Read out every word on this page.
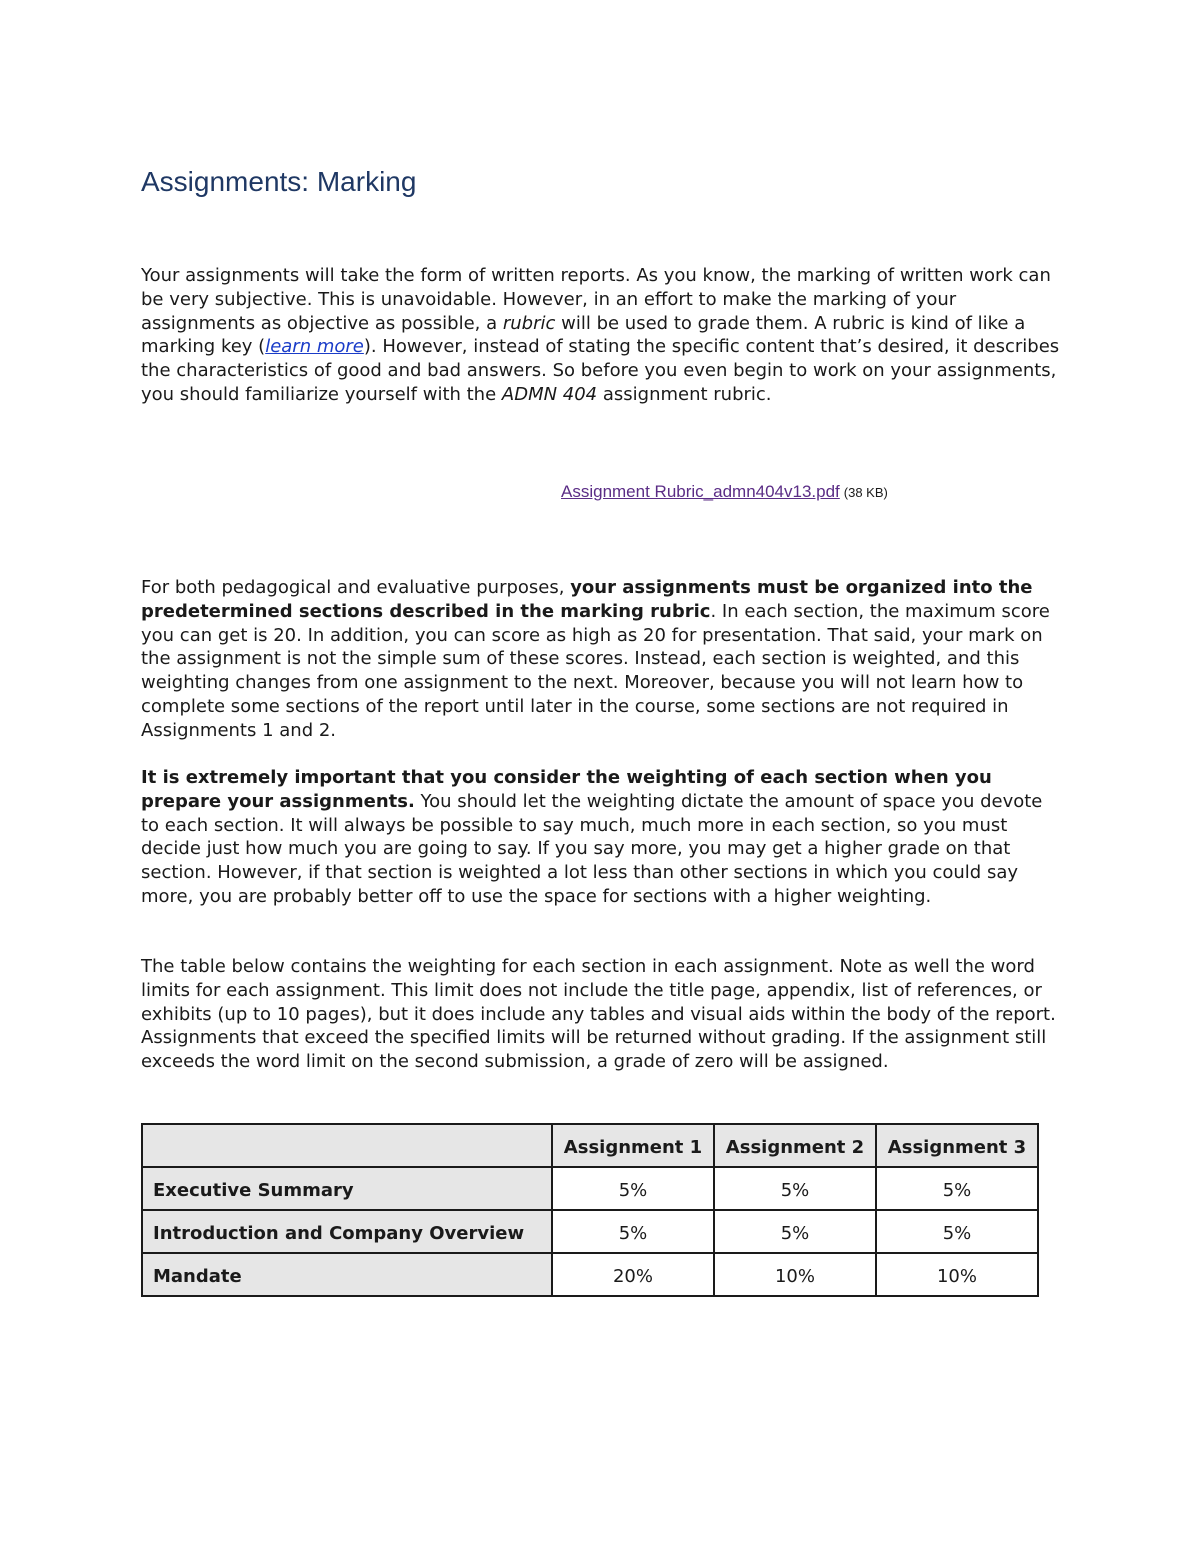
Assignments: Marking

Your assignments will take the form of written reports. As you know, the marking of written work can be very subjective. This is unavoidable. However, in an effort to make the marking of your assignments as objective as possible, a rubric will be used to grade them. A rubric is kind of like a marking key (learn more). However, instead of stating the specific content that’s desired, it describes the characteristics of good and bad answers. So before you even begin to work on your assignments, you should familiarize yourself with the ADMN 404 assignment rubric.

Assignment Rubric_admn404v13.pdf (38 KB)

For both pedagogical and evaluative purposes, your assignments must be organized into the predetermined sections described in the marking rubric. In each section, the maximum score you can get is 20. In addition, you can score as high as 20 for presentation. That said, your mark on the assignment is not the simple sum of these scores. Instead, each section is weighted, and this weighting changes from one assignment to the next. Moreover, because you will not learn how to complete some sections of the report until later in the course, some sections are not required in Assignments 1 and 2.

It is extremely important that you consider the weighting of each section when you prepare your assignments. You should let the weighting dictate the amount of space you devote to each section. It will always be possible to say much, much more in each section, so you must decide just how much you are going to say. If you say more, you may get a higher grade on that section. However, if that section is weighted a lot less than other sections in which you could say more, you are probably better off to use the space for sections with a higher weighting.

The table below contains the weighting for each section in each assignment. Note as well the word limits for each assignment. This limit does not include the title page, appendix, list of references, or exhibits (up to 10 pages), but it does include any tables and visual aids within the body of the report. Assignments that exceed the specified limits will be returned without grading. If the assignment still exceeds the word limit on the second submission, a grade of zero will be assigned.

	Assignment 1	Assignment 2	Assignment 3
Executive Summary	5%	5%	5%
Introduction and Company Overview	5%	5%	5%
Mandate	20%	10%	10%
